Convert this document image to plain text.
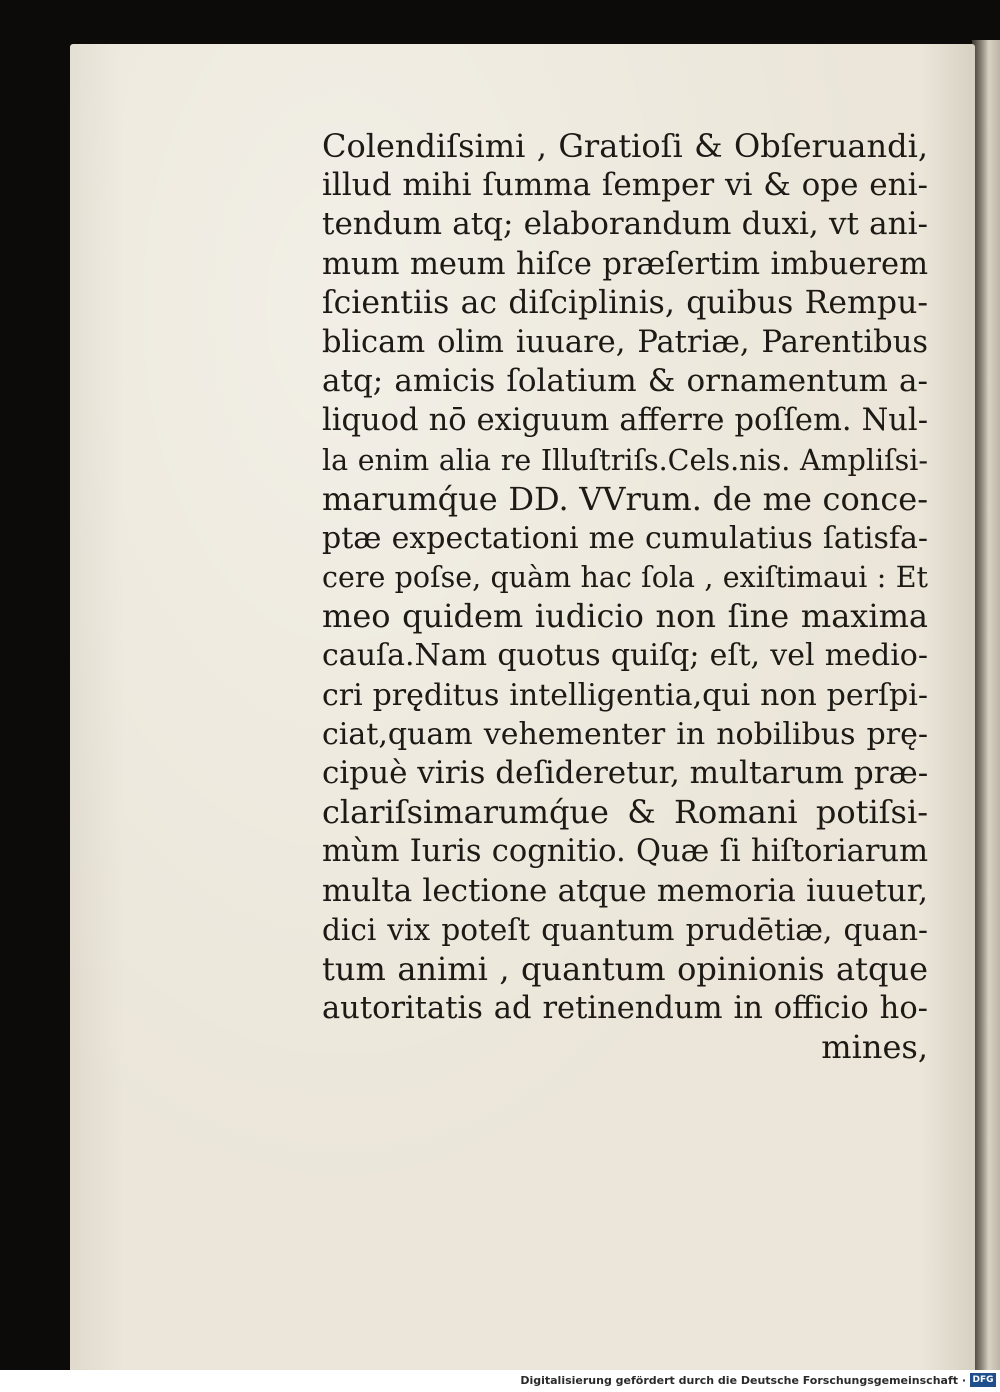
Colendiſsimi , Gratioſi & Obſeruandi,
illud mihi ſumma ſemper vi & ope eni-
tendum atq; elaborandum duxi, vt ani-
mum meum hiſce præſertim imbuerem
ſcientiis ac diſciplinis, quibus Rempu-
blicam olim iuuare, Patriæ, Parentibus
atq; amicis ſolatium & ornamentum a-
liquod nō exiguum afferre poſſem. Nul-
la enim alia re Illuſtriſs.Cels.nis. Ampliſsi-
marumq́ue DD. VVrum. de me concе-
ptæ expectationi me cumulatius ſatisfa-
cere poſse, quàm hac ſola , exiſtimaui : Et
meo quidem iudicio non ſine maxima
cauſa.Nam quotus quiſq; eſt, vel medio-
cri prę̨ditus intelligentia,qui non perſpi-
ciat,quam vehementer in nobilibus prę-
cipuè viris deſideretur, multarum præ-
clariſsimarumq́ue & Romani potiſsi-
mùm Iuris cognitio. Quæ ſi hiſtoriarum
multa lectione atque memoria iuuetur,
dici vix poteſt quantum prudētiæ, quan-
tum animi , quantum opinionis atque
autoritatis ad retinendum in officio ho-
mines,
Digitalisierung gefördert durch die Deutsche Forschungsgemeinschaft · DFG
